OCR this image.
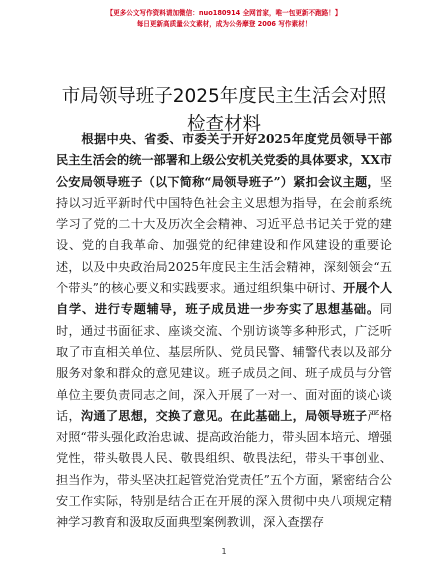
【更多公文写作资料请加微信：nuo180914 全网首家，唯一包更新不跑路！】
每日更新高质量公文素材，成为公务摩登 2006 写作素材！
市局领导班子2025年度民主生活会对照检查材料

根据中央、省委、市委关于开好2025年度党员领导干部民主生活会的统一部署和上级公安机关党委的具体要求，XX市公安局领导班子（以下简称“局领导班子”）紧扣会议主题，坚持以习近平新时代中国特色社会主义思想为指导，在会前系统学习了党的二十大及历次全会精神、习近平总书记关于党的建设、党的自我革命、加强党的纪律建设和作风建设的重要论述，以及中央政治局2025年度民主生活会精神，深刻领会“五个带头”的核心要义和实践要求。通过组织集中研讨、开展个人自学、进行专题辅导，班子成员进一步夯实了思想基础。同时，通过书面征求、座谈交流、个别访谈等多种形式，广泛听取了市直相关单位、基层所队、党员民警、辅警代表以及部分服务对象和群众的意见建议。班子成员之间、班子成员与分管单位主要负责同志之间，深入开展了一对一、面对面的谈心谈话，沟通了思想，交换了意见。在此基础上，局领导班子严格对照“带头强化政治忠诚、提高政治能力，带头固本培元、增强党性，带头敬畏人民、敬畏组织、敬畏法纪，带头干事创业、担当作为，带头坚决扛起管党治党责任”五个方面，紧密结合公安工作实际，特别是结合正在开展的深入贯彻中央八项规定精神学习教育和汲取反面典型案例教训，深入查摆存

1
